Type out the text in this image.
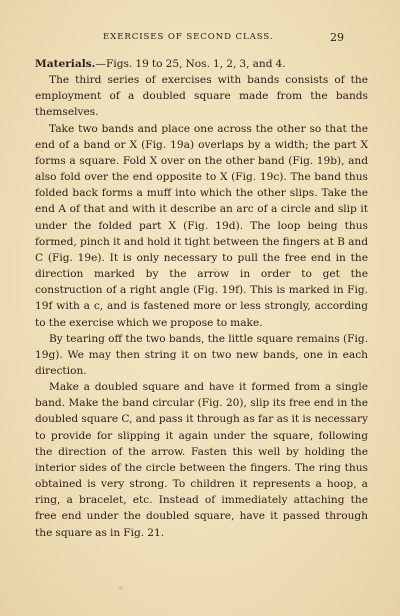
EXERCISES OF SECOND CLASS.	29

Materials.—Figs. 19 to 25, Nos. 1, 2, 3, and 4.

The third series of exercises with bands consists of the employment of a doubled square made from the bands themselves.

Take two bands and place one across the other so that the end of a band or X (Fig. 19a) overlaps by a width; the part X forms a square. Fold X over on the other band (Fig. 19b), and also fold over the end opposite to X (Fig. 19c). The band thus folded back forms a muff into which the other slips. Take the end A of that and with it describe an arc of a circle and slip it under the folded part X (Fig. 19d). The loop being thus formed, pinch it and hold it tight between the fingers at B and C (Fig. 19e). It is only necessary to pull the free end in the direction marked by the arrow in order to get the construction of a right angle (Fig. 19f). This is marked in Fig. 19f with a c, and is fastened more or less strongly, according to the exercise which we propose to make.

By tearing off the two bands, the little square remains (Fig. 19g). We may then string it on two new bands, one in each direction.

Make a doubled square and have it formed from a single band. Make the band circular (Fig. 20), slip its free end in the doubled square C, and pass it through as far as it is necessary to provide for slipping it again under the square, following the direction of the arrow. Fasten this well by holding the interior sides of the circle between the fingers. The ring thus obtained is very strong. To children it represents a hoop, a ring, a bracelet, etc. Instead of immediately attaching the free end under the doubled square, have it passed through the square as in Fig. 21.
